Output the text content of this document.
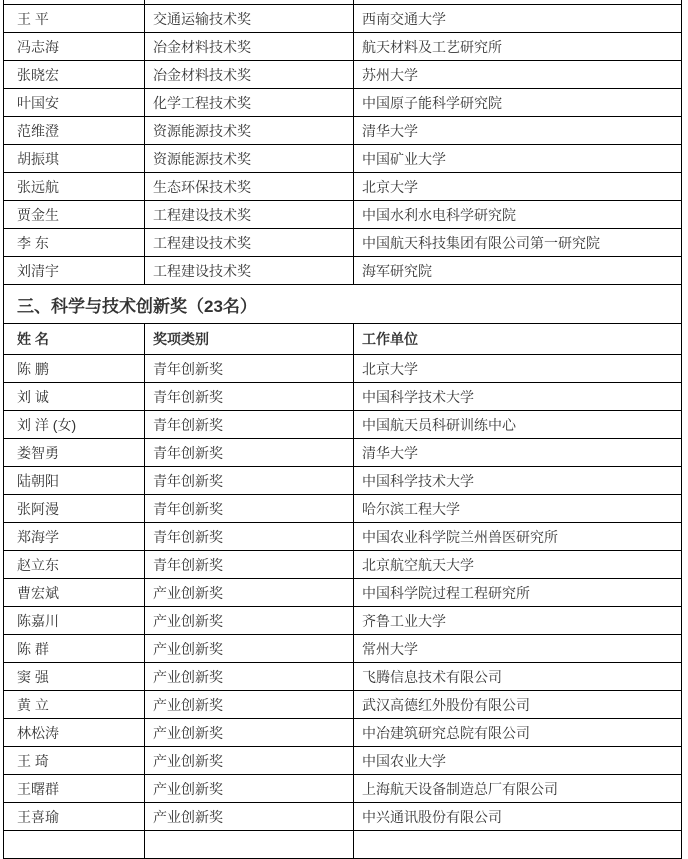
王 平	交通运输技术奖	西南交通大学
冯志海	冶金材料技术奖	航天材料及工艺研究所
张晓宏	冶金材料技术奖	苏州大学
叶国安	化学工程技术奖	中国原子能科学研究院
范维澄	资源能源技术奖	清华大学
胡振琪	资源能源技术奖	中国矿业大学
张远航	生态环保技术奖	北京大学
贾金生	工程建设技术奖	中国水利水电科学研究院
李 东	工程建设技术奖	中国航天科技集团有限公司第一研究院
刘清宇	工程建设技术奖	海军研究院
三、科学与技术创新奖（23名）		
姓 名	奖项类别	工作单位
陈 鹏	青年创新奖	北京大学
刘 诚	青年创新奖	中国科学技术大学
刘 洋 (女)	青年创新奖	中国航天员科研训练中心
娄智勇	青年创新奖	清华大学
陆朝阳	青年创新奖	中国科学技术大学
张阿漫	青年创新奖	哈尔滨工程大学
郑海学	青年创新奖	中国农业科学院兰州兽医研究所
赵立东	青年创新奖	北京航空航天大学
曹宏斌	产业创新奖	中国科学院过程工程研究所
陈嘉川	产业创新奖	齐鲁工业大学
陈 群	产业创新奖	常州大学
窦 强	产业创新奖	飞腾信息技术有限公司
黄 立	产业创新奖	武汉高德红外股份有限公司
林松涛	产业创新奖	中冶建筑研究总院有限公司
王 琦	产业创新奖	中国农业大学
王曙群	产业创新奖	上海航天设备制造总厂有限公司
王喜瑜	产业创新奖	中兴通讯股份有限公司
